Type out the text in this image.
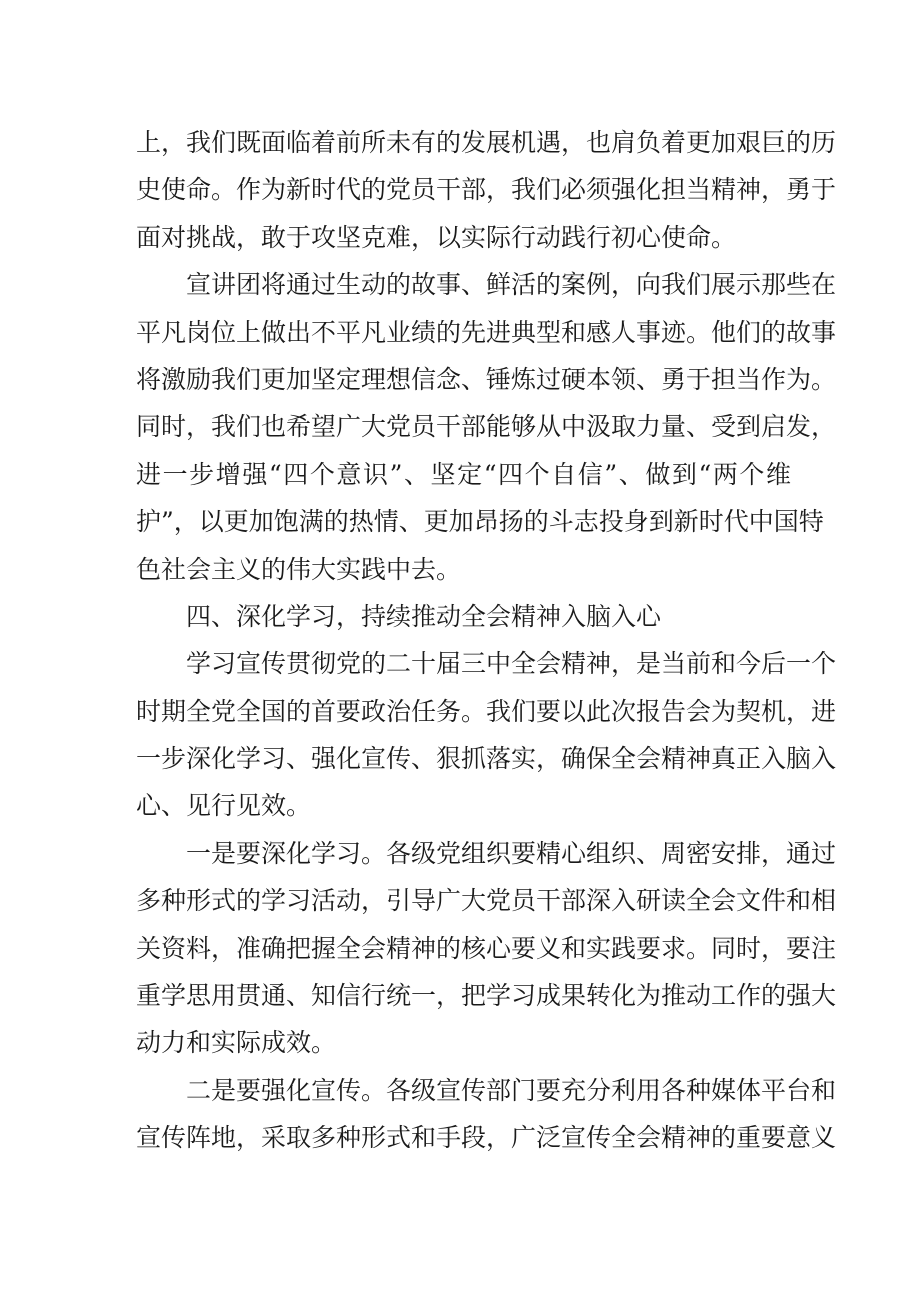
上，我们既面临着前所未有的发展机遇，也肩负着更加艰巨的历
史使命。作为新时代的党员干部，我们必须强化担当精神，勇于
面对挑战，敢于攻坚克难，以实际行动践行初心使命。
宣讲团将通过生动的故事、鲜活的案例，向我们展示那些在
平凡岗位上做出不平凡业绩的先进典型和感人事迹。他们的故事
将激励我们更加坚定理想信念、锤炼过硬本领、勇于担当作为。
同时，我们也希望广大党员干部能够从中汲取力量、受到启发，
进一步增强“四个意识”、坚定“四个自信”、做到“两个维
护”，以更加饱满的热情、更加昂扬的斗志投身到新时代中国特
色社会主义的伟大实践中去。
四、深化学习，持续推动全会精神入脑入心
学习宣传贯彻党的二十届三中全会精神，是当前和今后一个
时期全党全国的首要政治任务。我们要以此次报告会为契机，进
一步深化学习、强化宣传、狠抓落实，确保全会精神真正入脑入
心、见行见效。
一是要深化学习。各级党组织要精心组织、周密安排，通过
多种形式的学习活动，引导广大党员干部深入研读全会文件和相
关资料，准确把握全会精神的核心要义和实践要求。同时，要注
重学思用贯通、知信行统一，把学习成果转化为推动工作的强大
动力和实际成效。
二是要强化宣传。各级宣传部门要充分利用各种媒体平台和
宣传阵地，采取多种形式和手段，广泛宣传全会精神的重要意义
